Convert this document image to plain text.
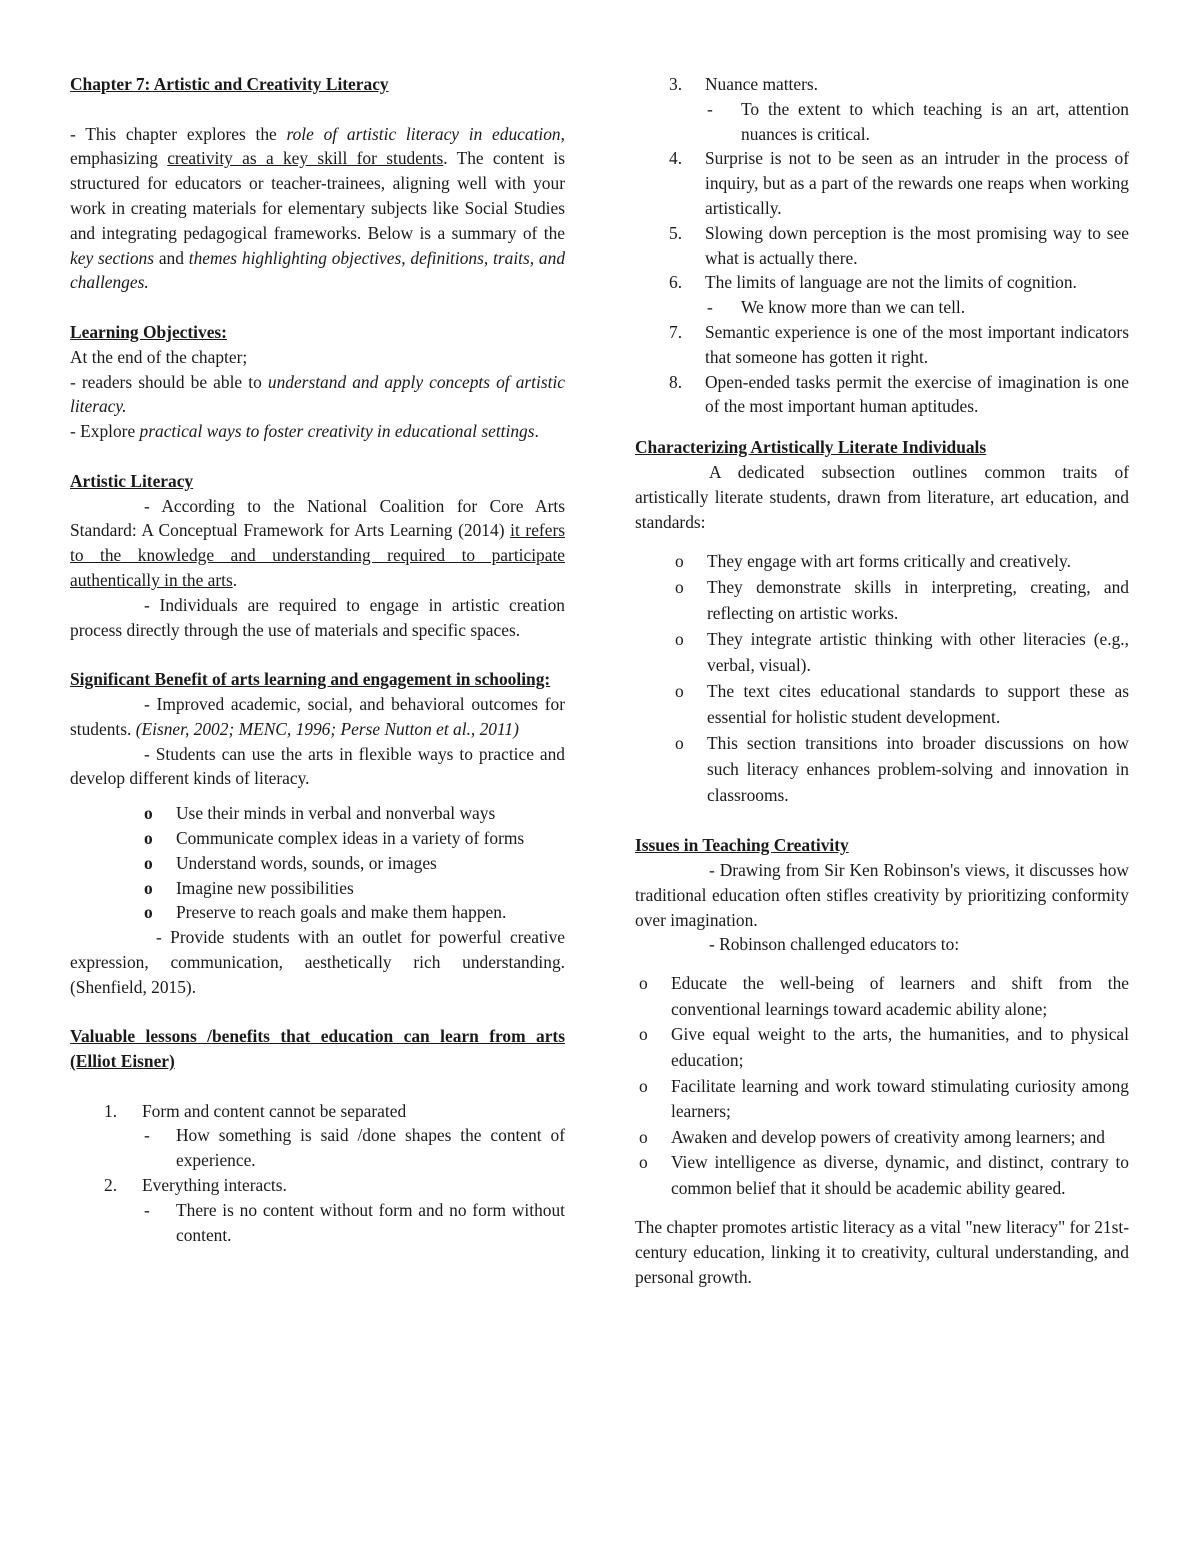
Chapter 7: Artistic and Creativity Literacy

- This chapter explores the role of artistic literacy in education, emphasizing creativity as a key skill for students. The content is structured for educators or teacher-trainees, aligning well with your work in creating materials for elementary subjects like Social Studies and integrating pedagogical frameworks. Below is a summary of the key sections and themes highlighting objectives, definitions, traits, and challenges.

Learning Objectives:

At the end of the chapter;

- readers should be able to understand and apply concepts of artistic literacy.

- Explore practical ways to foster creativity in educational settings.

Artistic Literacy

- According to the National Coalition for Core Arts Standard: A Conceptual Framework for Arts Learning (2014) it refers to the knowledge and understanding required to participate authentically in the arts.

- Individuals are required to engage in artistic creation process directly through the use of materials and specific spaces.

Significant Benefit of arts learning and engagement in schooling:

- Improved academic, social, and behavioral outcomes for students. (Eisner, 2002; MENC, 1996; Perse Nutton et al., 2011)

- Students can use the arts in flexible ways to practice and develop different kinds of literacy.

o Use their minds in verbal and nonverbal ways

o Communicate complex ideas in a variety of forms

o Understand words, sounds, or images

o Imagine new possibilities

o Preserve to reach goals and make them happen.

- Provide students with an outlet for powerful creative expression, communication, aesthetically rich understanding. (Shenfield, 2015).

Valuable lessons /benefits that education can learn from arts (Elliot Eisner)

1. Form and content cannot be separated

- How something is said /done shapes the content of experience.

2. Everything interacts.

- There is no content without form and no form without content.

3. Nuance matters.

- To the extent to which teaching is an art, attention nuances is critical.

4. Surprise is not to be seen as an intruder in the process of inquiry, but as a part of the rewards one reaps when working artistically.

5. Slowing down perception is the most promising way to see what is actually there.

6. The limits of language are not the limits of cognition.

- We know more than we can tell.

7. Semantic experience is one of the most important indicators that someone has gotten it right.

8. Open-ended tasks permit the exercise of imagination is one of the most important human aptitudes.

Characterizing Artistically Literate Individuals

A dedicated subsection outlines common traits of artistically literate students, drawn from literature, art education, and standards:

o They engage with art forms critically and creatively.

o They demonstrate skills in interpreting, creating, and reflecting on artistic works.

o They integrate artistic thinking with other literacies (e.g., verbal, visual).

o The text cites educational standards to support these as essential for holistic student development.

o This section transitions into broader discussions on how such literacy enhances problem-solving and innovation in classrooms.

Issues in Teaching Creativity

- Drawing from Sir Ken Robinson's views, it discusses how traditional education often stifles creativity by prioritizing conformity over imagination.

- Robinson challenged educators to:

o Educate the well-being of learners and shift from the conventional learnings toward academic ability alone;

o Give equal weight to the arts, the humanities, and to physical education;

o Facilitate learning and work toward stimulating curiosity among learners;

o Awaken and develop powers of creativity among learners; and

o View intelligence as diverse, dynamic, and distinct, contrary to common belief that it should be academic ability geared.

The chapter promotes artistic literacy as a vital "new literacy" for 21st-century education, linking it to creativity, cultural understanding, and personal growth.
